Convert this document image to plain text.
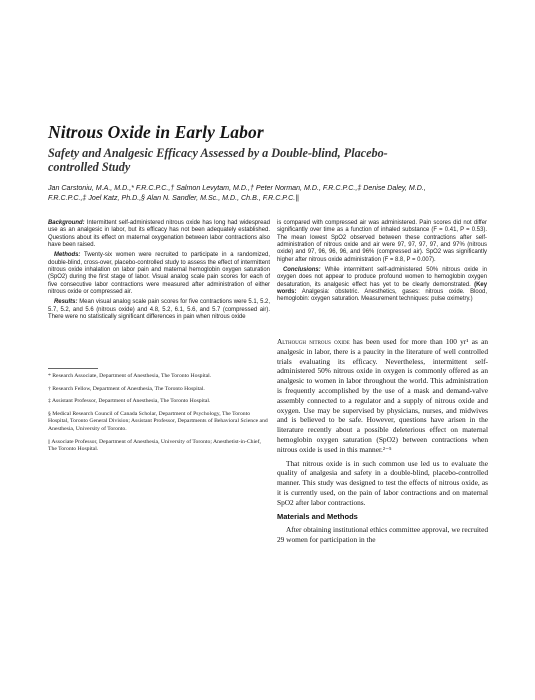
Nitrous Oxide in Early Labor
Safety and Analgesic Efficacy Assessed by a Double-blind, Placebo-controlled Study
Jan Carstoniu, M.A., M.D.,* F.R.C.P.C.,† Salmon Levytam, M.D.,† Peter Norman, M.D., F.R.C.P.C.,‡ Denise Daley, M.D., F.R.C.P.C.,‡ Joel Katz, Ph.D.,§ Alan N. Sandler, M.Sc., M.D., Ch.B., F.R.C.P.C.||

Background: Intermittent self-administered nitrous oxide has long had widespread use as an analgesic in labor, but its efficacy has not been adequately established. Questions about its effect on maternal oxygenation between labor contractions also have been raised.

Methods: Twenty-six women were recruited to participate in a randomized, double-blind, cross-over, placebo-controlled study to assess the effect of intermittent nitrous oxide inhalation on labor pain and maternal hemoglobin oxygen saturation (SpO2) during the first stage of labor. Visual analog scale pain scores for each of five consecutive labor contractions were measured after administration of either nitrous oxide or compressed air.

Results: Mean visual analog scale pain scores for five contractions were 5.1, 5.2, 5.7, 5.2, and 5.6 (nitrous oxide) and 4.8, 5.2, 6.1, 5.6, and 5.7 (compressed air). There were no statistically significant differences in pain when nitrous oxide

is compared with compressed air was administered. Pain scores did not differ significantly over time as a function of inhaled substance (F = 0.41, P = 0.53). The mean lowest SpO2 observed between these contractions after self-administration of nitrous oxide and air were 97, 97, 97, 97, and 97% (nitrous oxide) and 97, 96, 96, 96, and 96% (compressed air). SpO2 was significantly higher after nitrous oxide administration (F = 8.8, P = 0.007).

Conclusions: While intermittent self-administered 50% nitrous oxide in oxygen does not appear to produce profound women to hemoglobin oxygen desaturation, its analgesic effect has yet to be clearly demonstrated. (Key words: Analgesia: obstetric. Anesthetics, gases: nitrous oxide. Blood, hemoglobin: oxygen saturation. Measurement techniques: pulse oximetry.)

* Research Associate, Department of Anesthesia, The Toronto Hospital.

† Research Fellow, Department of Anesthesia, The Toronto Hospital.

‡ Assistant Professor, Department of Anesthesia, The Toronto Hospital.

§ Medical Research Council of Canada Scholar, Department of Psychology, The Toronto Hospital, Toronto General Division; Assistant Professor, Departments of Behavioral Science and Anesthesia, University of Toronto.

|| Associate Professor, Department of Anesthesia, University of Toronto; Anesthetist-in-Chief, The Toronto Hospital.

Although nitrous oxide has been used for more than 100 yr¹ as an analgesic in labor, there is a paucity in the literature of well controlled trials evaluating its efficacy. Nevertheless, intermittent self-administered 50% nitrous oxide in oxygen is commonly offered as an analgesic to women in labor throughout the world. This administration is frequently accomplished by the use of a mask and demand-valve assembly connected to a regulator and a supply of nitrous oxide and oxygen. Use may be supervised by physicians, nurses, and midwives and is believed to be safe. However, questions have arisen in the literature recently about a possible deleterious effect on maternal hemoglobin oxygen saturation (SpO2) between contractions when nitrous oxide is used in this manner.²⁻⁵

That nitrous oxide is in such common use led us to evaluate the quality of analgesia and safety in a double-blind, placebo-controlled manner. This study was designed to test the effects of nitrous oxide, as it is currently used, on the pain of labor contractions and on maternal SpO2 after labor contractions.

Materials and Methods

After obtaining institutional ethics committee approval, we recruited 29 women for participation in the
